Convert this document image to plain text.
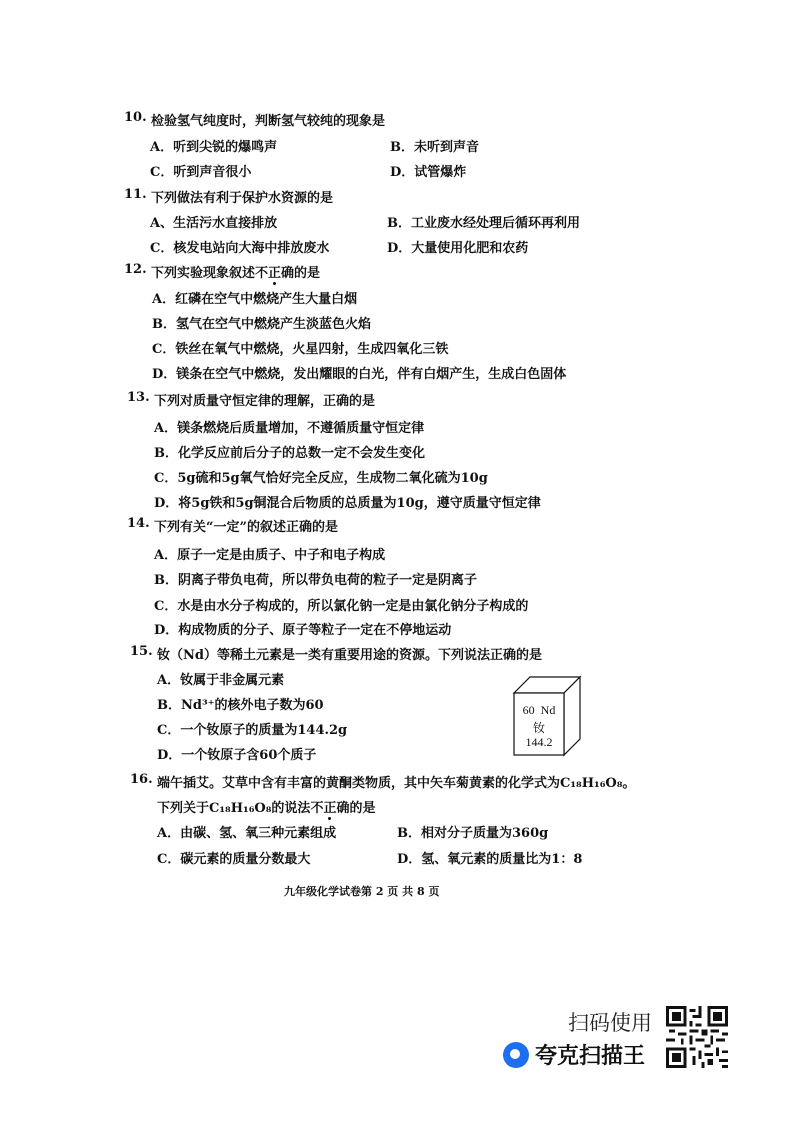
10. 检验氢气纯度时，判断氢气较纯的现象是
A．听到尖锐的爆鸣声	B．未听到声音
C．听到声音很小	D．试管爆炸
11. 下列做法有利于保护水资源的是
A、生活污水直接排放	B．工业废水经处理后循环再利用
C．核发电站向大海中排放废水	D．大量使用化肥和农药
12. 下列实验现象叙述不正确的是
A．红磷在空气中燃烧产生大量白烟
B．氢气在空气中燃烧产生淡蓝色火焰
C．铁丝在氧气中燃烧，火星四射，生成四氧化三铁
D．镁条在空气中燃烧，发出耀眼的白光，伴有白烟产生，生成白色固体
13. 下列对质量守恒定律的理解，正确的是
A．镁条燃烧后质量增加，不遵循质量守恒定律
B．化学反应前后分子的总数一定不会发生变化
C．5g硫和5g氧气恰好完全反应，生成物二氧化硫为10g
D．将5g铁和5g铜混合后物质的总质量为10g，遵守质量守恒定律
14. 下列有关“一定”的叙述正确的是
A．原子一定是由质子、中子和电子构成
B．阴离子带负电荷，所以带负电荷的粒子一定是阴离子
C．水是由水分子构成的，所以氯化钠一定是由氯化钠分子构成的
D．构成物质的分子、原子等粒子一定在不停地运动
15. 钕（Nd）等稀土元素是一类有重要用途的资源。下列说法正确的是
A．钕属于非金属元素
B．Nd³⁺的核外电子数为60
C．一个钕原子的质量为144.2g
D．一个钕原子含60个质子
60 Nd
钕
144.2
16. 端午插艾。艾草中含有丰富的黄酮类物质，其中矢车菊黄素的化学式为C₁₈H₁₆O₈。
下列关于C₁₈H₁₆O₈的说法不正确的是
A．由碳、氢、氧三种元素组成	B．相对分子质量为360g
C．碳元素的质量分数最大	D．氢、氧元素的质量比为1：8
九年级化学试卷第 2 页 共 8 页
扫码使用
夸克扫描王
